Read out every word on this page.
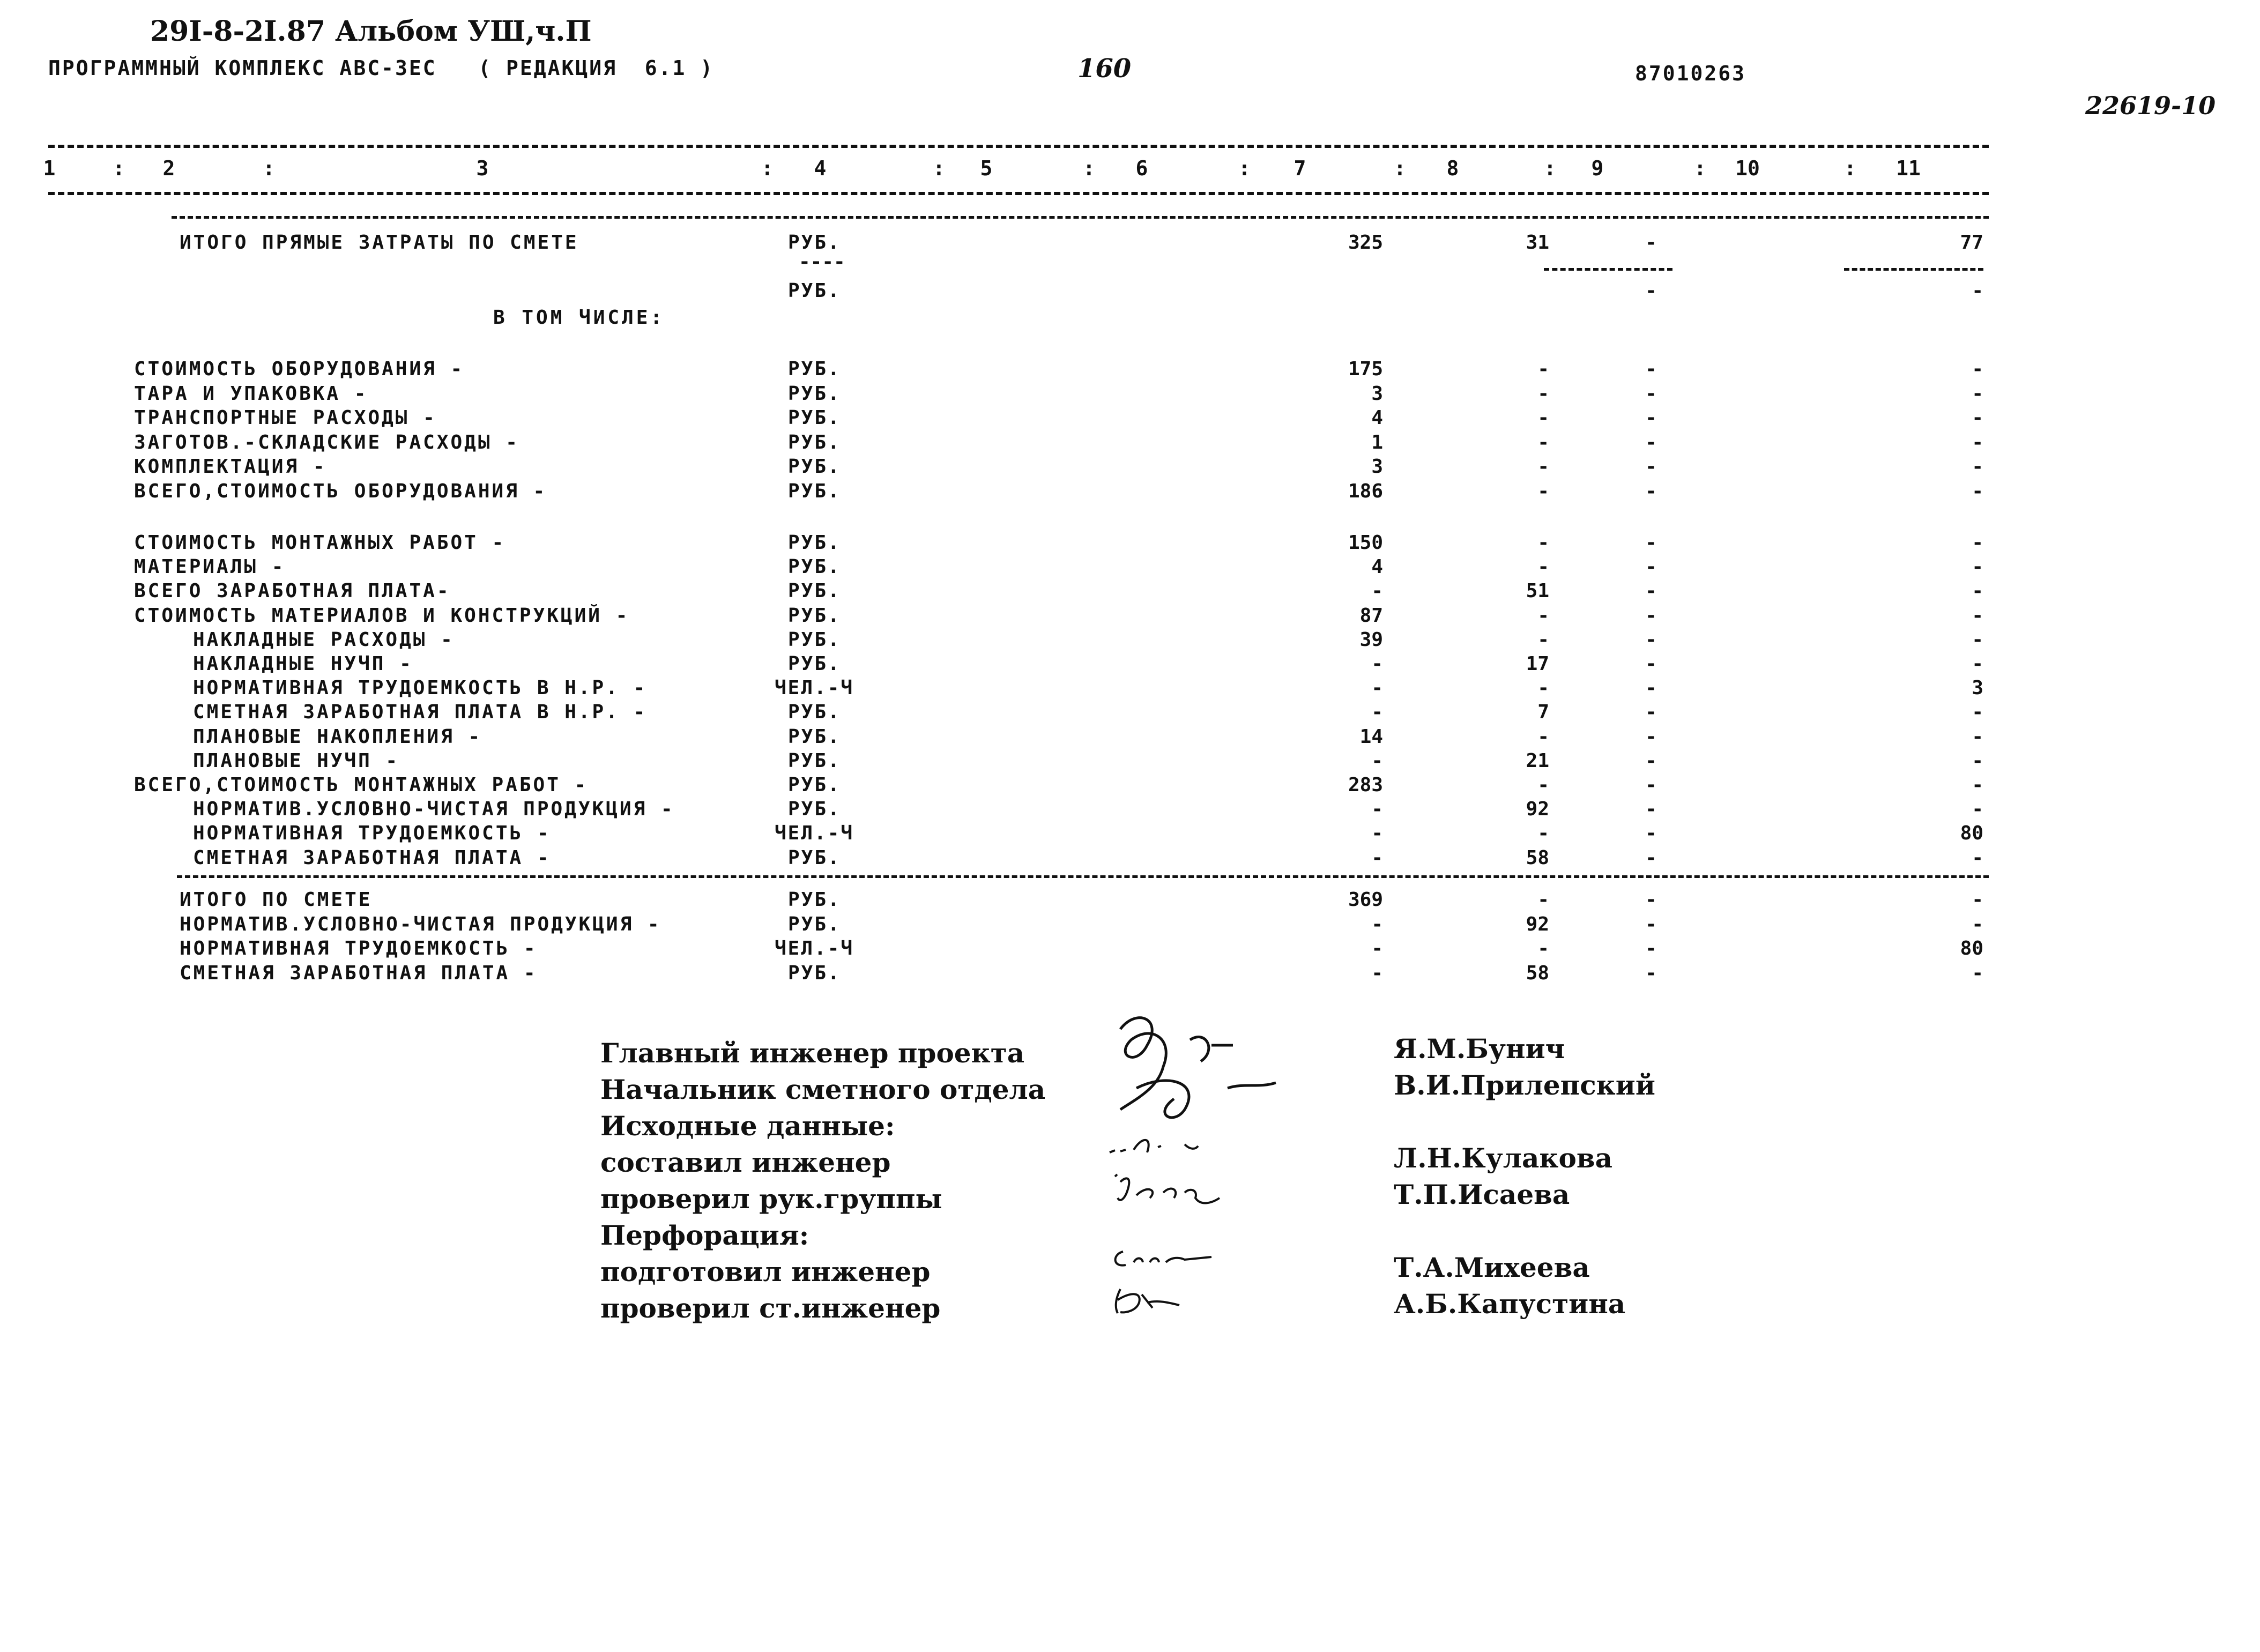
29I-8-2I.87 Альбом УШ,ч.П
ПРОГРАММНЫЙ КОМПЛЕКС АВС-3ЕС   ( РЕДАКЦИЯ  6.1 )	160	87010263
22619-10
1	2	3	4	5	6	7	8	9	10	11
:	:	:	:	:	:	:	:	:	:
ИТОГО ПРЯМЫЕ ЗАТРАТЫ ПО СМЕТЕ	РУБ.	325	31	-	77
----
РУБ.	-	-
В ТОМ ЧИСЛЕ:
СТОИМОСТЬ ОБОРУДОВАНИЯ -	РУБ.	175	-	-	-
ТАРА И УПАКОВКА -	РУБ.	3	-	-	-
ТРАНСПОРТНЫЕ РАСХОДЫ -	РУБ.	4	-	-	-
ЗАГОТОВ.-СКЛАДСКИЕ РАСХОДЫ -	РУБ.	1	-	-	-
КОМПЛЕКТАЦИЯ -	РУБ.	3	-	-	-
ВСЕГО,СТОИМОСТЬ ОБОРУДОВАНИЯ -	РУБ.	186	-	-	-
СТОИМОСТЬ МОНТАЖНЫХ РАБОТ -	РУБ.	150	-	-	-
МАТЕРИАЛЫ -	РУБ.	4	-	-	-
ВСЕГО ЗАРАБОТНАЯ ПЛАТА-	РУБ.	-	51	-	-
СТОИМОСТЬ МАТЕРИАЛОВ И КОНСТРУКЦИЙ -	РУБ.	87	-	-	-
НАКЛАДНЫЕ РАСХОДЫ -	РУБ.	39	-	-	-
НАКЛАДНЫЕ НУЧП -	РУБ.	-	17	-	-
НОРМАТИВНАЯ ТРУДОЕМКОСТЬ В Н.Р. -	ЧЕЛ.-Ч	-	-	-	3
СМЕТНАЯ ЗАРАБОТНАЯ ПЛАТА В Н.Р. -	РУБ.	-	7	-	-
ПЛАНОВЫЕ НАКОПЛЕНИЯ -	РУБ.	14	-	-	-
ПЛАНОВЫЕ НУЧП -	РУБ.	-	21	-	-
ВСЕГО,СТОИМОСТЬ МОНТАЖНЫХ РАБОТ -	РУБ.	283	-	-	-
НОРМАТИВ.УСЛОВНО-ЧИСТАЯ ПРОДУКЦИЯ -	РУБ.	-	92	-	-
НОРМАТИВНАЯ ТРУДОЕМКОСТЬ -	ЧЕЛ.-Ч	-	-	-	80
СМЕТНАЯ ЗАРАБОТНАЯ ПЛАТА -	РУБ.	-	58	-	-
ИТОГО ПО СМЕТЕ	РУБ.	369	-	-	-
НОРМАТИВ.УСЛОВНО-ЧИСТАЯ ПРОДУКЦИЯ -	РУБ.	-	92	-	-
НОРМАТИВНАЯ ТРУДОЕМКОСТЬ -	ЧЕЛ.-Ч	-	-	-	80
СМЕТНАЯ ЗАРАБОТНАЯ ПЛАТА -	РУБ.	-	58	-	-
Главный инженер проекта	Я.М.Бунич
Начальник сметного отдела	В.И.Прилепский
Исходные данные:
составил инженер	Л.Н.Кулакова
проверил рук.группы	Т.П.Исаева
Перфорация:
подготовил инженер	Т.А.Михеева
проверил ст.инженер	А.Б.Капустина
